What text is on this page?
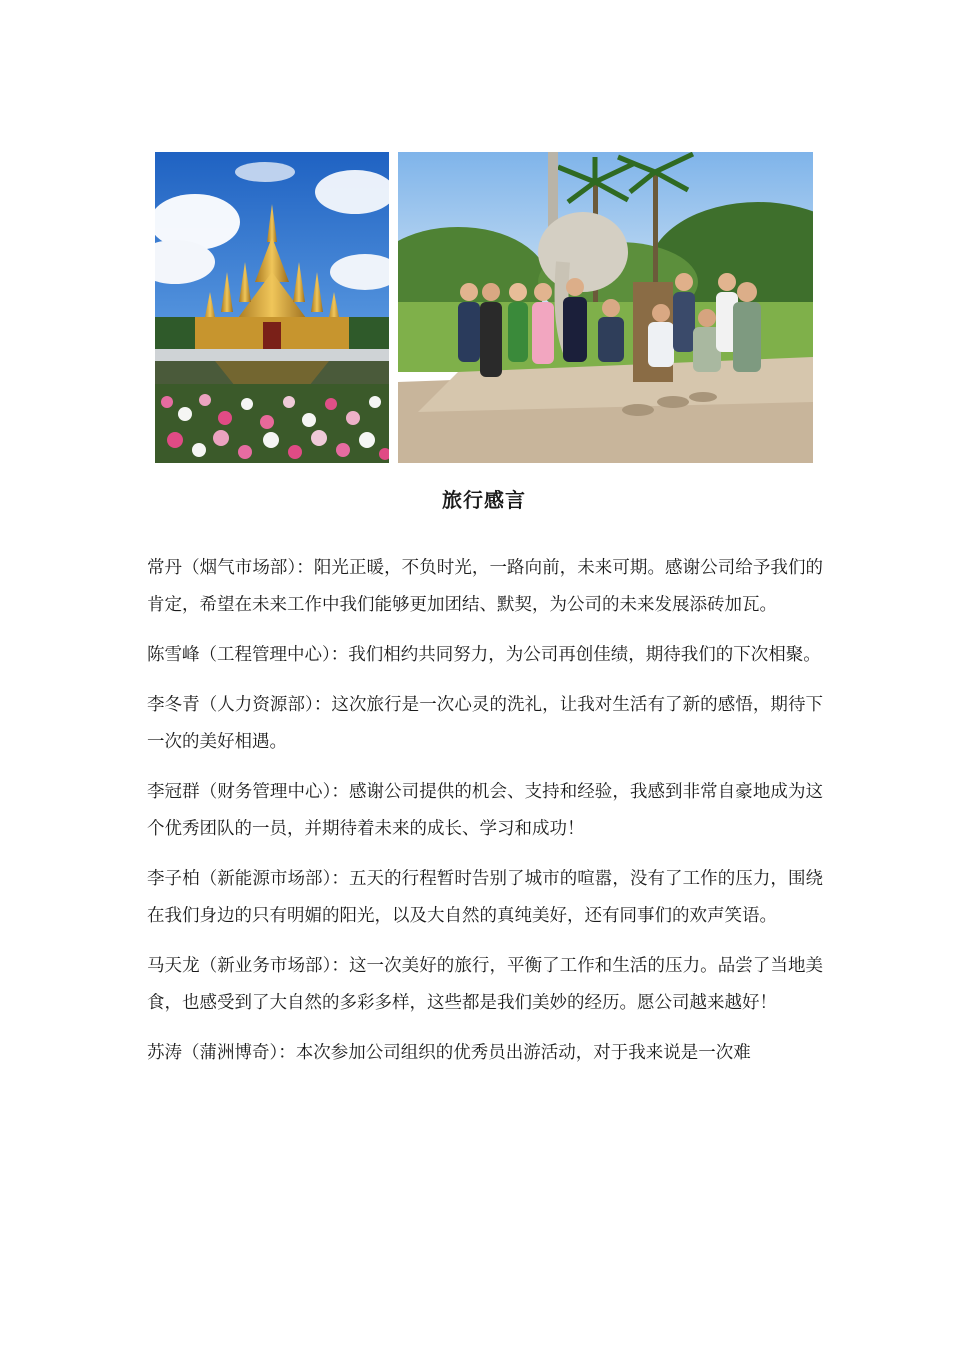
旅行感言

常丹（烟气市场部）：阳光正暖，不负时光，一路向前，未来可期。感谢公司给予我们的肯定，希望在未来工作中我们能够更加团结、默契，为公司的未来发展添砖加瓦。

陈雪峰（工程管理中心）：我们相约共同努力，为公司再创佳绩，期待我们的下次相聚。

李冬青（人力资源部）：这次旅行是一次心灵的洗礼，让我对生活有了新的感悟，期待下一次的美好相遇。

李冠群（财务管理中心）：感谢公司提供的机会、支持和经验，我感到非常自豪地成为这个优秀团队的一员，并期待着未来的成长、学习和成功！

李子柏（新能源市场部）：五天的行程暂时告别了城市的喧嚣，没有了工作的压力，围绕在我们身边的只有明媚的阳光，以及大自然的真纯美好，还有同事们的欢声笑语。

马天龙（新业务市场部）：这一次美好的旅行，平衡了工作和生活的压力。品尝了当地美食，也感受到了大自然的多彩多样，这些都是我们美妙的经历。愿公司越来越好！

苏涛（蒲洲博奇）：本次参加公司组织的优秀员出游活动，对于我来说是一次难
